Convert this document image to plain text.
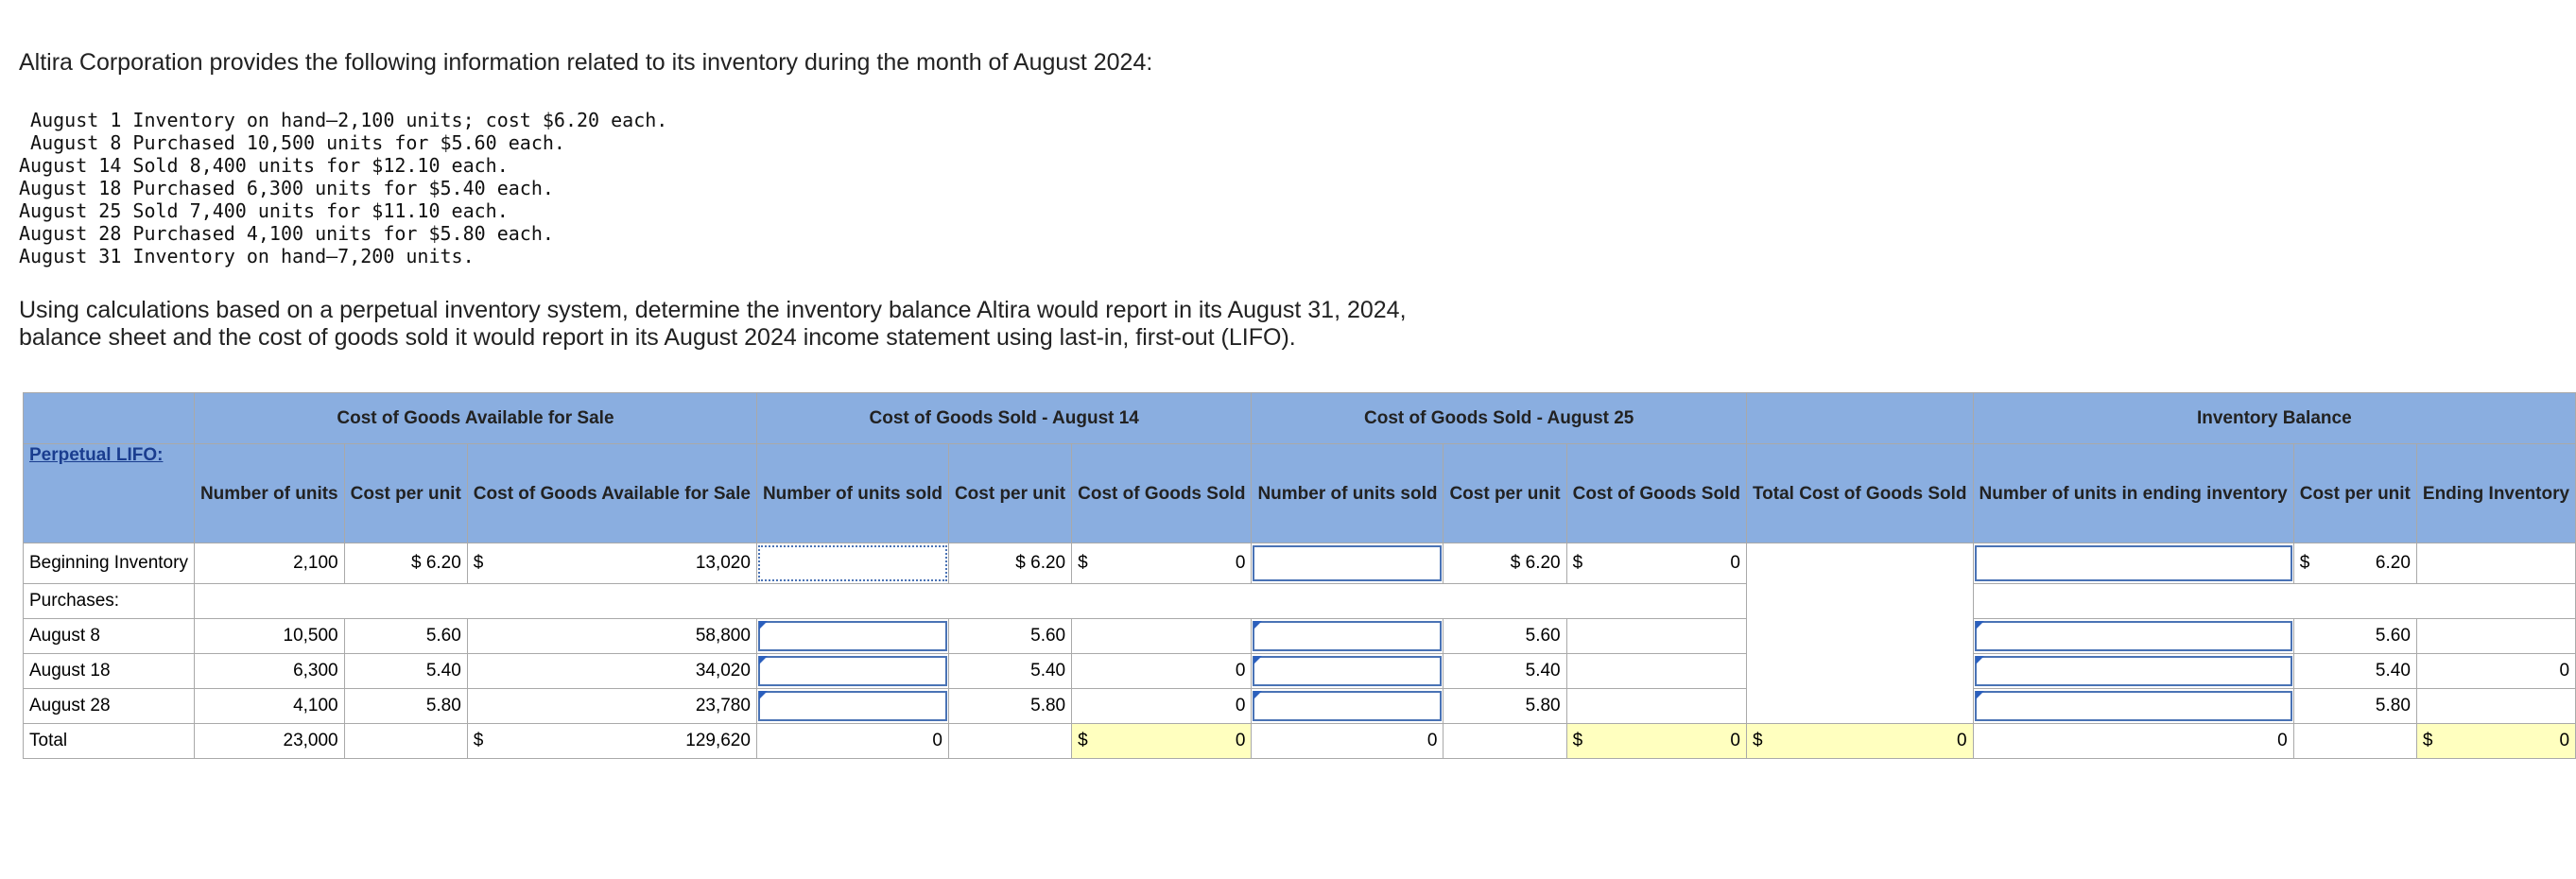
Altira Corporation provides the following information related to its inventory during the month of August 2024:
August 1 Inventory on hand—2,100 units; cost $6.20 each.
August 8 Purchased 10,500 units for $5.60 each.
August 14 Sold 8,400 units for $12.10 each.
August 18 Purchased 6,300 units for $5.40 each.
August 25 Sold 7,400 units for $11.10 each.
August 28 Purchased 4,100 units for $5.80 each.
August 31 Inventory on hand—7,200 units.
Using calculations based on a perpetual inventory system, determine the inventory balance Altira would report in its August 31, 2024, balance sheet and the cost of goods sold it would report in its August 2024 income statement using last-in, first-out (LIFO).
	Cost of Goods Available for Sale			Cost of Goods Sold - August 14			Cost of Goods Sold - August 25				Inventory Balance		
Perpetual LIFO:	Number of units	Cost per unit	Cost of Goods Available for Sale	Number of units sold	Cost per unit	Cost of Goods Sold	Number of units sold	Cost per unit	Cost of Goods Sold	Total Cost of Goods Sold	Number of units in ending inventory	Cost per unit	Ending Inventory
Beginning Inventory	2,100	$ 6.20	$ 13,020		$ 6.20	$ 0		$ 6.20	$ 0			$ 6.20	

Purchases:													
August 8	10,500	5.60	58,800		5.60			5.60				5.60	
August 18	6,300	5.40	34,020		5.40	0		5.40				5.40	0
August 28	4,100	5.80	23,780		5.80	0		5.80				5.80	
Total	23,000		$ 129,620	0		$ 0	0		$ 0	$ 0	0		$ 0
